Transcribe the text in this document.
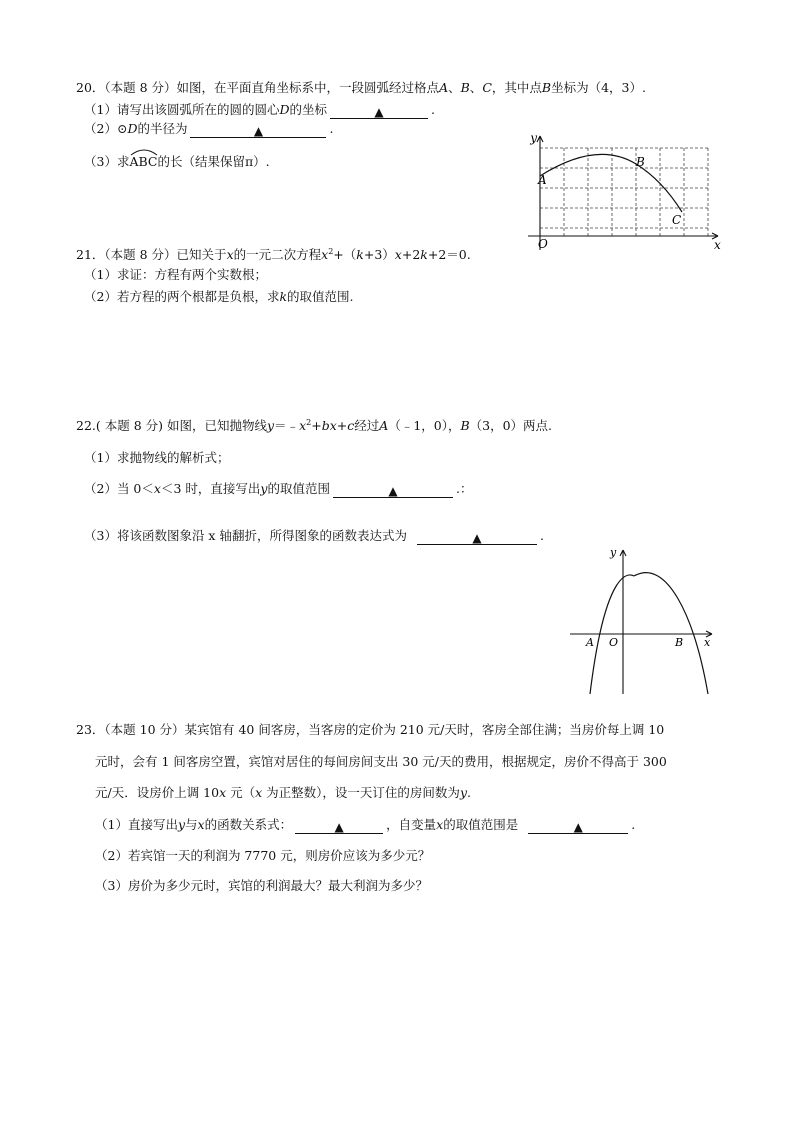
20．（本题 8 分）如图，在平面直角坐标系中，一段圆弧经过格点A、B、C，其中点B坐标为（4，3）.
（1）请写出该圆弧所在的圆的圆心D的坐标	▲	.
（2）⊙D的半径为	▲	.
（3）求
ABC的长（结果保留π）.
y
x
O
A
B
C
21．（本题 8 分）已知关于x的一元二次方程$x^2+(k+3)x+2k+2=0$.
（1）求证：方程有两个实数根；
（2）若方程的两个根都是负根，求k的取值范围.
22.( 本题 8 分) 如图，已知抛物线$y=﹣x^2+bx+c$经过A（﹣1，0），B（3，0）两点.
（1）求抛物线的解析式；
（2）当 0＜x＜3 时，直接写出y的取值范围	▲	.：
（3）将该函数图象沿 x 轴翻折，所得图象的函数表达式为	▲	.
y
x
A O	B
23．（本题 10 分）某宾馆有 40 间客房，当客房的定价为 210 元/天时，客房全部住满；当房价每上调 10
元时，会有 1 间客房空置，宾馆对居住的每间房间支出 30 元/天的费用，根据规定，房价不得高于 300
元/天．设房价上调 10x 元（x 为正整数），设一天订住的房间数为y.
（1）直接写出y与x的函数关系式：	▲	，自变量x的取值范围是	▲	.
（2）若宾馆一天的利润为 7770 元，则房价应该为多少元？
（3）房价为多少元时，宾馆的利润最大？最大利润为多少？
